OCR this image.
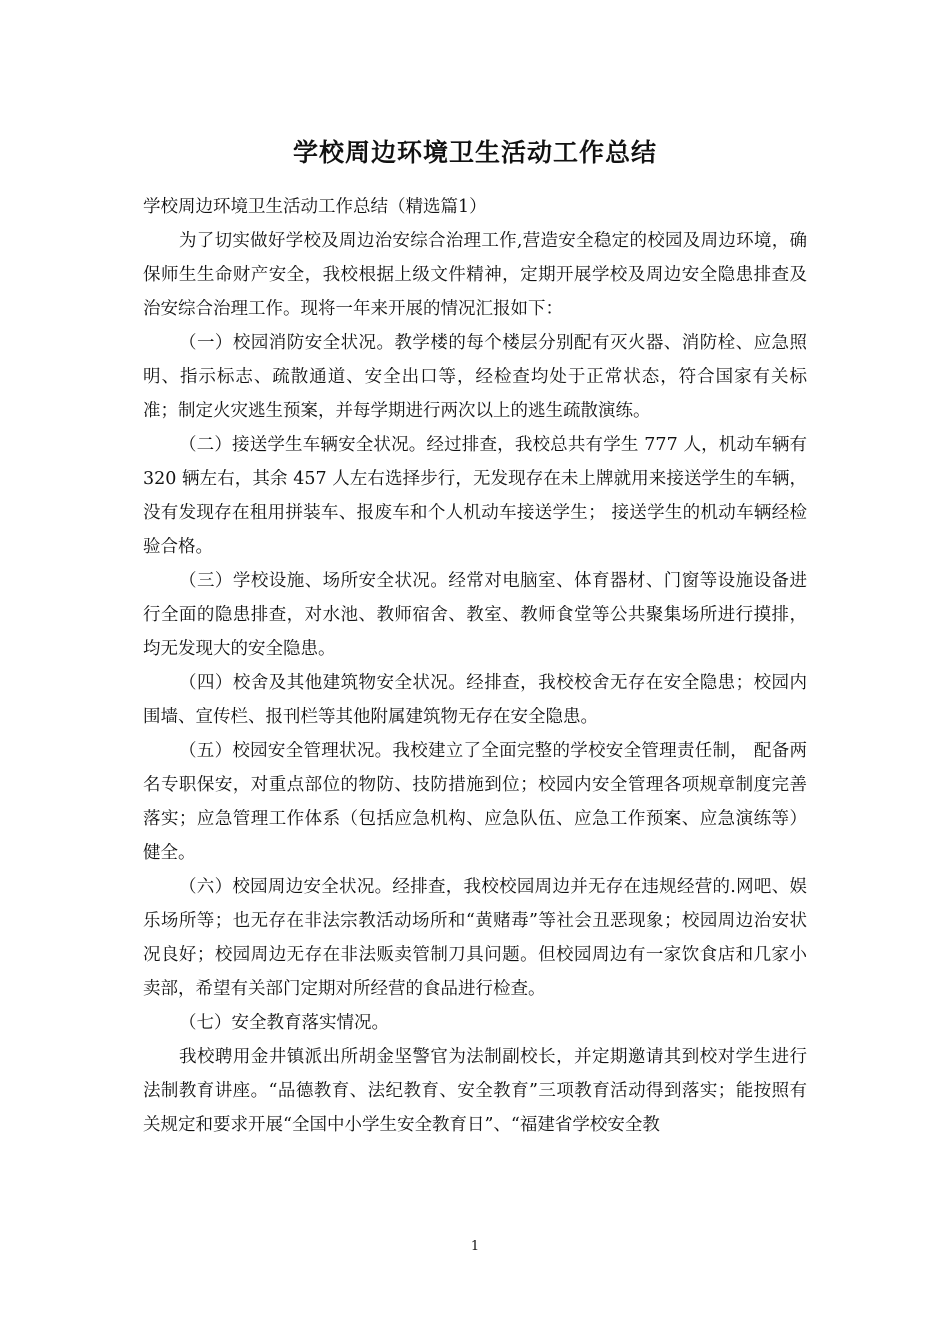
学校周边环境卫生活动工作总结

学校周边环境卫生活动工作总结（精选篇1）

为了切实做好学校及周边治安综合治理工作,营造安全稳定的校园及周边环境，确保师生生命财产安全，我校根据上级文件精神，定期开展学校及周边安全隐患排查及治安综合治理工作。现将一年来开展的情况汇报如下：

（一）校园消防安全状况。教学楼的每个楼层分别配有灭火器、消防栓、应急照明、指示标志、疏散通道、安全出口等，经检查均处于正常状态，符合国家有关标准；制定火灾逃生预案，并每学期进行两次以上的逃生疏散演练。

（二）接送学生车辆安全状况。经过排查，我校总共有学生 777 人，机动车辆有 320 辆左右，其余 457 人左右选择步行，无发现存在未上牌就用来接送学生的车辆，没有发现存在租用拼装车、报废车和个人机动车接送学生； 接送学生的机动车辆经检验合格。

（三）学校设施、场所安全状况。经常对电脑室、体育器材、门窗等设施设备进行全面的隐患排查，对水池、教师宿舍、教室、教师食堂等公共聚集场所进行摸排，均无发现大的安全隐患。

（四）校舍及其他建筑物安全状况。经排查，我校校舍无存在安全隐患；校园内围墙、宣传栏、报刊栏等其他附属建筑物无存在安全隐患。

（五）校园安全管理状况。我校建立了全面完整的学校安全管理责任制， 配备两名专职保安，对重点部位的物防、技防措施到位；校园内安全管理各项规章制度完善落实；应急管理工作体系（包括应急机构、应急队伍、应急工作预案、应急演练等）健全。

（六）校园周边安全状况。经排查，我校校园周边并无存在违规经营的.网吧、娱乐场所等；也无存在非法宗教活动场所和“黄赌毒”等社会丑恶现象；校园周边治安状况良好；校园周边无存在非法贩卖管制刀具问题。但校园周边有一家饮食店和几家小卖部，希望有关部门定期对所经营的食品进行检查。

（七）安全教育落实情况。

我校聘用金井镇派出所胡金坚警官为法制副校长，并定期邀请其到校对学生进行法制教育讲座。“品德教育、法纪教育、安全教育”三项教育活动得到落实；能按照有关规定和要求开展“全国中小学生安全教育日”、“福建省学校安全教

1
